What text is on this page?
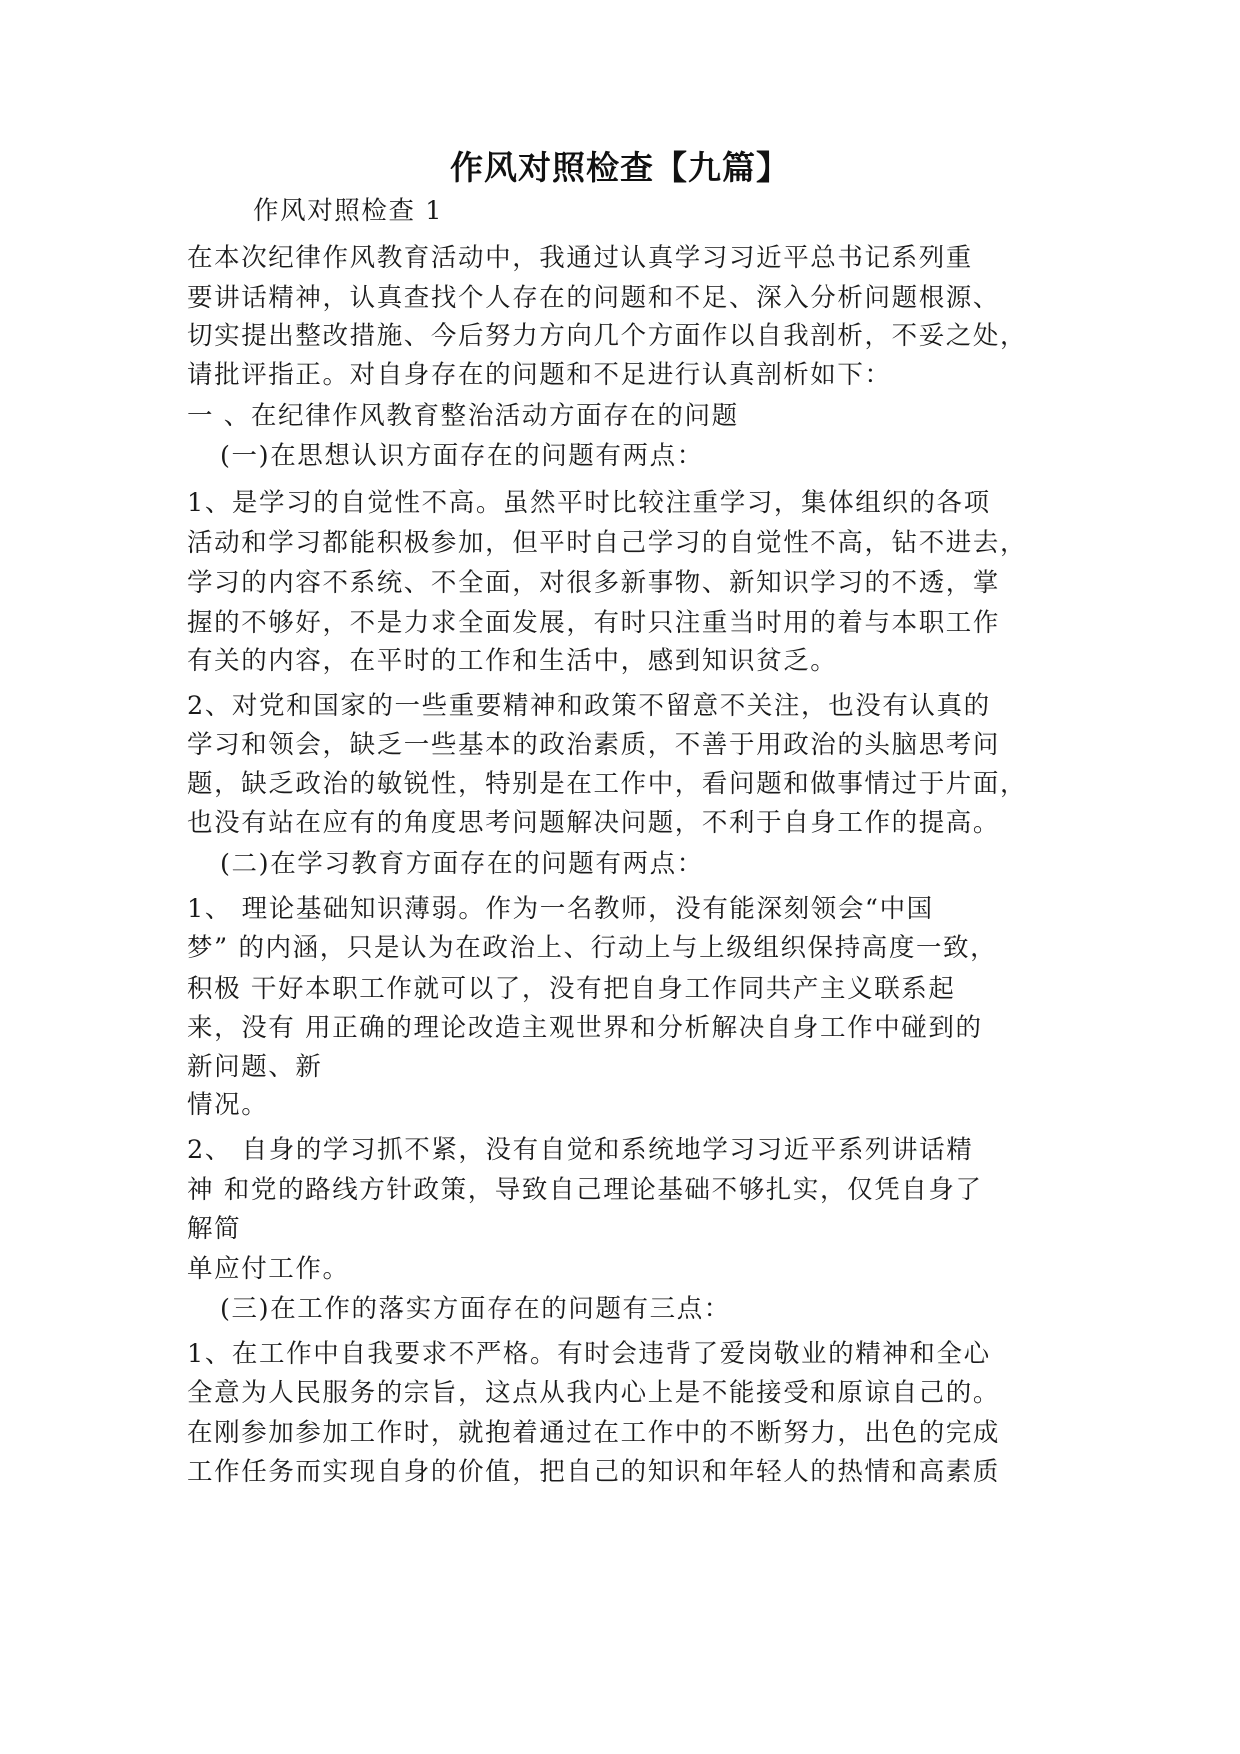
作风对照检查【九篇】
作风对照检查 1
在本次纪律作风教育活动中，我通过认真学习习近平总书记系列重
要讲话精神，认真查找个人存在的问题和不足、深入分析问题根源、
切实提出整改措施、今后努力方向几个方面作以自我剖析，不妥之处，
请批评指正。对自身存在的问题和不足进行认真剖析如下：
一 、在纪律作风教育整治活动方面存在的问题
(一)在思想认识方面存在的问题有两点：
1、是学习的自觉性不高。虽然平时比较注重学习，集体组织的各项
活动和学习都能积极参加，但平时自己学习的自觉性不高，钻不进去，
学习的内容不系统、不全面，对很多新事物、新知识学习的不透，掌
握的不够好，不是力求全面发展，有时只注重当时用的着与本职工作
有关的内容，在平时的工作和生活中，感到知识贫乏。
2、对党和国家的一些重要精神和政策不留意不关注，也没有认真的
学习和领会，缺乏一些基本的政治素质，不善于用政治的头脑思考问
题，缺乏政治的敏锐性，特别是在工作中，看问题和做事情过于片面，
也没有站在应有的角度思考问题解决问题，不利于自身工作的提高。
(二)在学习教育方面存在的问题有两点：
1、 理论基础知识薄弱。作为一名教师，没有能深刻领会“中国
梦” 的内涵，只是认为在政治上、行动上与上级组织保持高度一致，
积极 干好本职工作就可以了，没有把自身工作同共产主义联系起
来，没有 用正确的理论改造主观世界和分析解决自身工作中碰到的
新问题、新
情况。
2、 自身的学习抓不紧，没有自觉和系统地学习习近平系列讲话精
神 和党的路线方针政策，导致自己理论基础不够扎实，仅凭自身了
解简
单应付工作。
(三)在工作的落实方面存在的问题有三点：
1、在工作中自我要求不严格。有时会违背了爱岗敬业的精神和全心
全意为人民服务的宗旨，这点从我内心上是不能接受和原谅自己的。
在刚参加参加工作时，就抱着通过在工作中的不断努力，出色的完成
工作任务而实现自身的价值，把自己的知识和年轻人的热情和高素质
